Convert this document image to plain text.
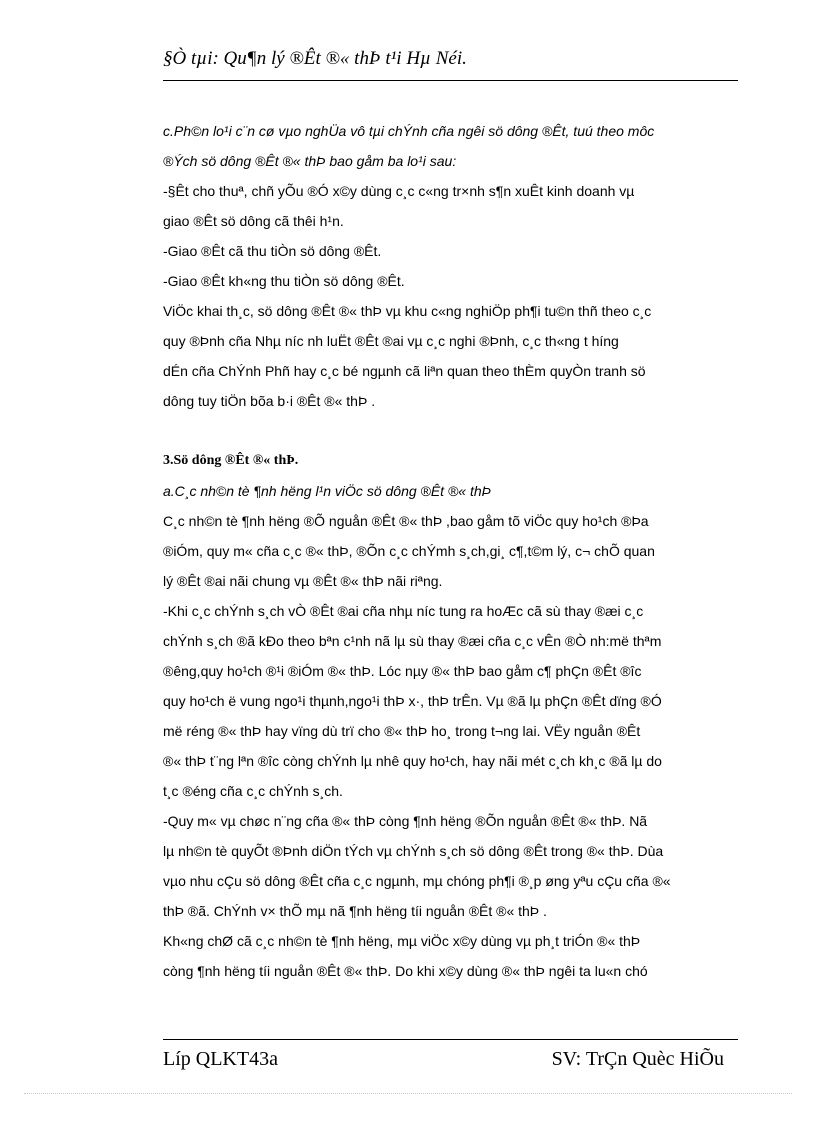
§Ò tµi: Qu¶n lý ®Êt ®« thÞ t¹i Hµ Néi.

c.Ph©n lo¹i c¨n cø vµo nghÜa vô tµi chÝnh cña ngêi sö dông ®Êt, tuú theo môc

®Ých sö dông ®Êt ®« thÞ bao gåm ba lo¹i sau:

-§Êt cho thuª, chñ yÕu ®Ó x©y dùng c¸c c«ng tr×nh s¶n xuÊt kinh doanh vµ

giao ®Êt sö dông cã thêi h¹n.

-Giao ®Êt cã thu tiÒn sö dông ®Êt.

-Giao ®Êt kh«ng thu tiÒn sö dông ®Êt.

ViÖc khai th¸c, sö dông ®Êt ®« thÞ vµ khu c«ng nghiÖp ph¶i tu©n thñ theo c¸c

quy ®Þnh cña Nhµ níc nh luËt ®Êt ®ai vµ c¸c nghi ®Þnh, c¸c th«ng t híng

dÉn cña ChÝnh Phñ hay c¸c bé ngµnh cã liªn quan theo thÈm quyÒn tranh sö

dông tuy tiÖn bõa b·i ®Êt ®« thÞ .

3.Sö dông ®Êt ®« thÞ.

a.C¸c nh©n tè ¶nh hëng l¹n viÖc sö dông ®Êt ®« thÞ

C¸c nh©n tè ¶nh hëng ®Õ nguån ®Êt ®« thÞ ,bao gåm tõ viÖc quy ho¹ch ®Þa

®iÓm, quy m« cña c¸c ®« thÞ, ®Õn c¸c chÝmh s¸ch,gi¸ c¶,t©m lý, c¬ chÕ quan

lý ®Êt ®ai nãi chung vµ ®Êt ®« thÞ nãi riªng.

-Khi c¸c chÝnh s¸ch vÒ ®Êt ®ai cña nhµ níc tung ra hoÆc cã sù thay ®æi c¸c

chÝnh s¸ch ®ã kÐo theo bªn c¹nh nã lµ sù thay ®æi cña c¸c vÊn ®Ò nh:më thªm

®êng,quy ho¹ch ®¹i ®iÓm ®« thÞ. Lóc nµy ®« thÞ bao gåm c¶ phÇn ®Êt ®îc

quy ho¹ch ë vung ngo¹i thµnh,ngo¹i thÞ x·, thÞ trÊn. Vµ ®ã lµ phÇn ®Êt dïng ®Ó

më réng ®« thÞ hay vïng dù trï cho ®« thÞ ho¸ trong t¬ng lai. VËy nguån ®Êt

®« thÞ t¨ng lªn ®îc còng chÝnh lµ nhê quy ho¹ch, hay nãi mét c¸ch kh¸c ®ã lµ do

t¸c ®éng cña c¸c chÝnh s¸ch.

-Quy m« vµ chøc n¨ng cña ®« thÞ còng ¶nh hëng ®Õn nguån ®Êt ®« thÞ. Nã

lµ nh©n tè quyÕt ®Þnh diÖn tÝch vµ chÝnh s¸ch sö dông ®Êt trong ®« thÞ. Dùa

vµo nhu cÇu sö dông ®Êt cña c¸c ngµnh, mµ chóng ph¶i ®¸p øng yªu cÇu cña ®«

thÞ ®ã. ChÝnh v× thÕ mµ nã ¶nh hëng tíi nguån ®Êt ®« thÞ .

Kh«ng chØ cã c¸c nh©n tè ¶nh hëng, mµ viÖc x©y dùng vµ ph¸t triÓn ®« thÞ

còng ¶nh hëng tíi nguån ®Êt ®« thÞ. Do khi x©y dùng ®« thÞ ngêi ta lu«n chó

Líp QLKT43a	SV: TrÇn Quèc HiÕu
